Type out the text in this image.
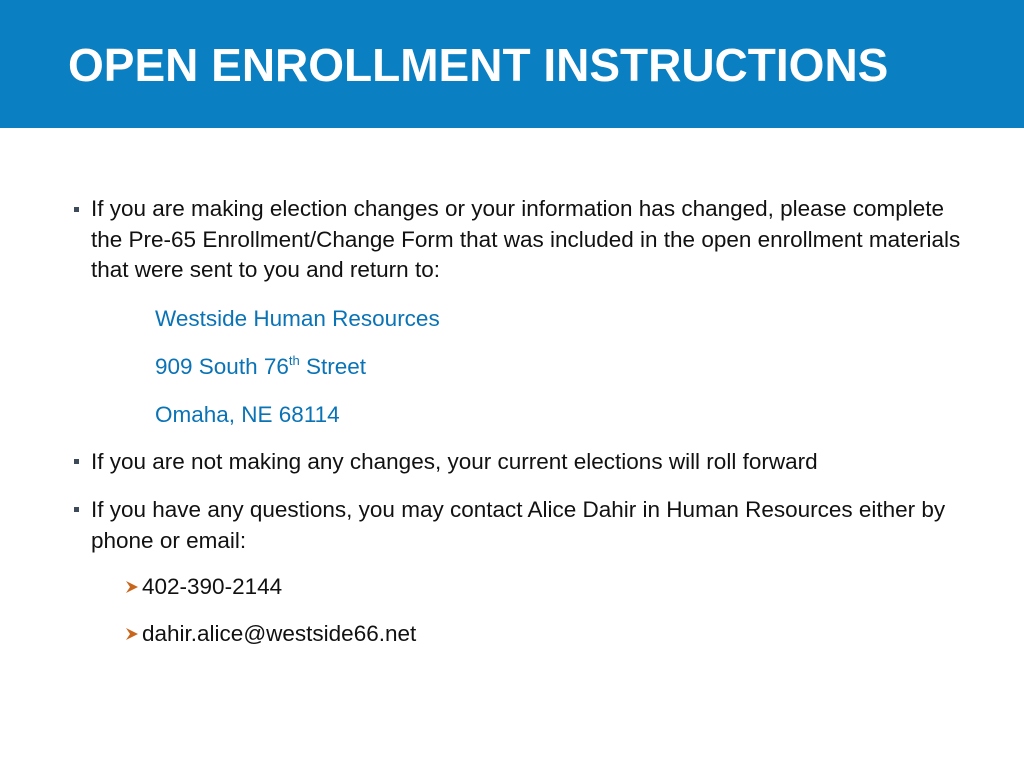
OPEN ENROLLMENT INSTRUCTIONS

If you are making election changes or your information has changed, please complete the Pre-65 Enrollment/Change Form that was included in the open enrollment materials that were sent to you and return to:

Westside Human Resources
909 South 76th Street
Omaha, NE 68114

If you are not making any changes, your current elections will roll forward

If you have any questions, you may contact Alice Dahir in Human Resources either by phone or email:

402-390-2144
dahir.alice@westside66.net
